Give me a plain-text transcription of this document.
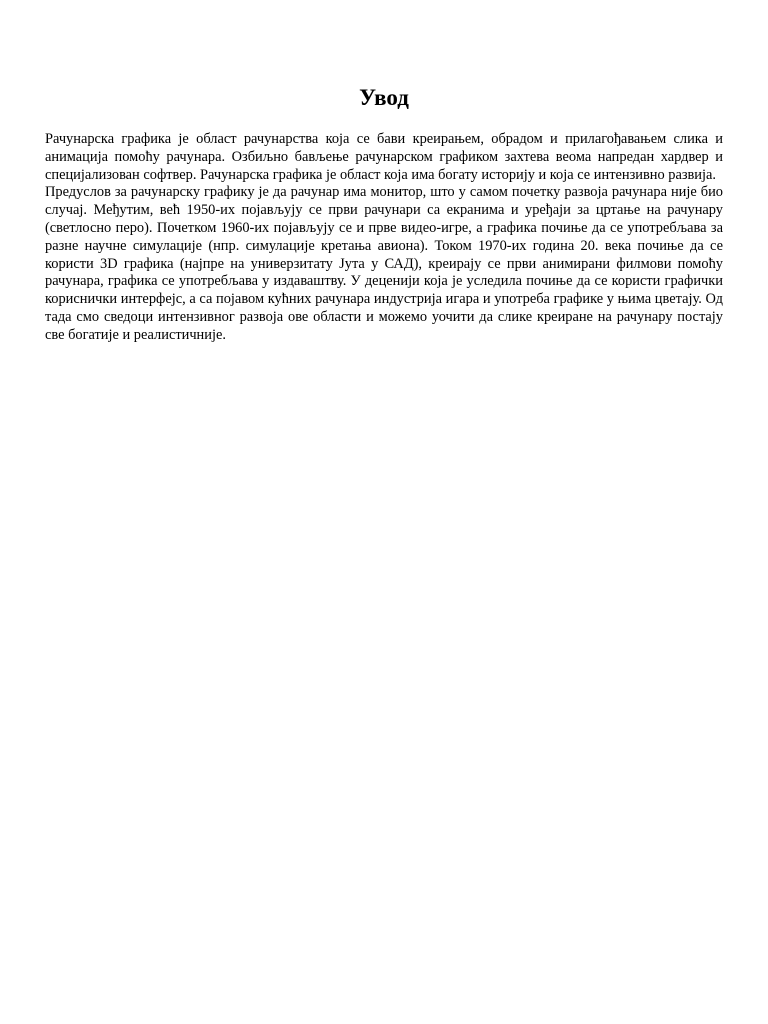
Увод

Рачунарска графика је област рачунарства која се бави креирањем, обрадом и прилагођавањем слика и анимација помоћу рачунара. Озбиљно бављење рачунарском графиком захтева веома напредан хардвер и специјализован софтвер. Рачунарска графика је област која има богату историју и која се интензивно развија.

Предуслов за рачунарску графику је да рачунар има монитор, што у самом почетку развоја рачунара није био случај. Међутим, већ 1950-их појављују се први рачунари са екранима и уређаји за цртање на рачунару (светлосно перо). Почетком 1960-их појављују се и прве видео-игре, а графика почиње да се употребљава за разне научне симулације (нпр. симулације кретања авиона). Током 1970-их година 20. века почиње да се користи 3D графика (најпре на универзитату Јута у САД), креирају се први анимирани филмови помоћу рачунара, графика се употребљава у издаваштву. У деценији која је уследила почиње да се користи графички кориснички интерфејс, а са појавом кућних рачунара индустрија игара и употреба графике у њима цветају. Од тада смо сведоци интензивног развоја ове области и можемо уочити да слике креиране на рачунару постају све богатије и реалистичније.
